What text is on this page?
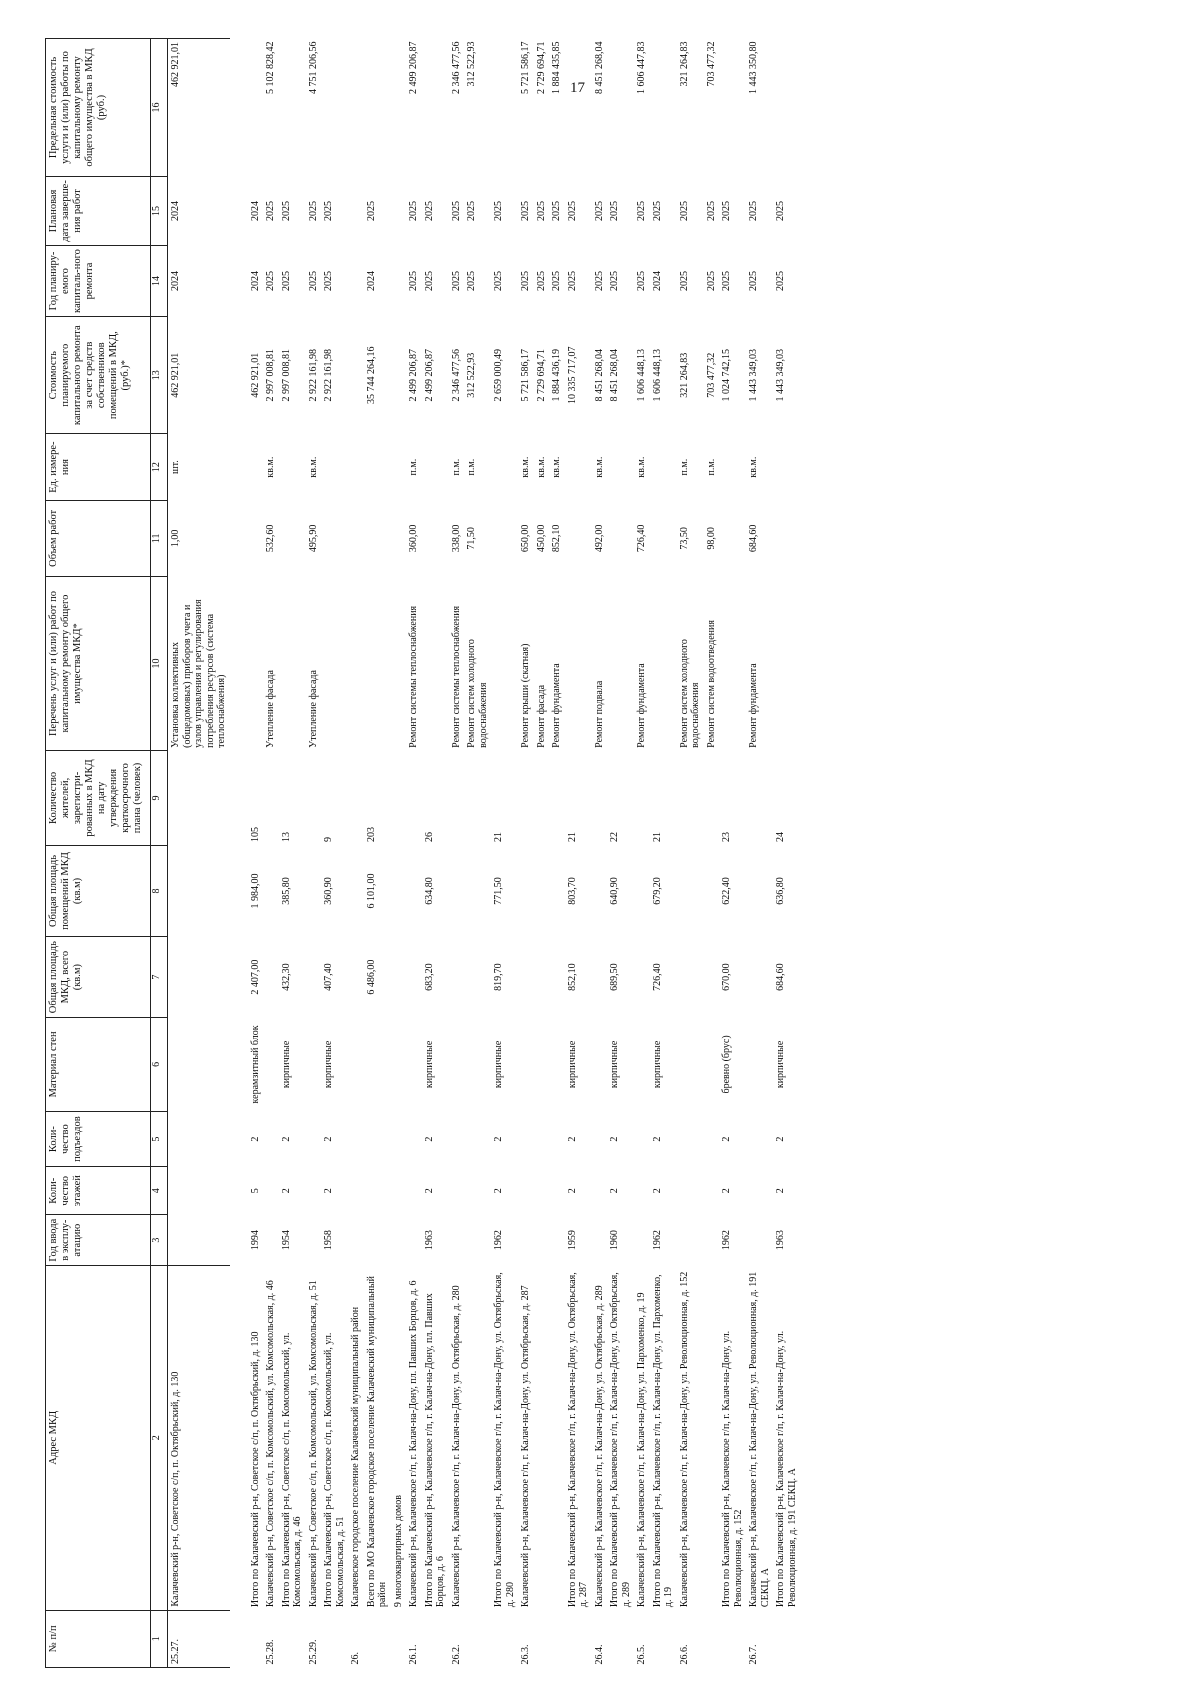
17
№ п/п	Адрес МКД	Год ввода в эксплу-атацию	Коли-чество этажей	Коли-чество подъездов	Материал стен	Общая площадь МКД, всего (кв.м)	Общая площадь помещений МКД (кв.м)	Количество жителей, зарегистри-рованных в МКД на дату утверждения краткосрочного плана (человек)	Перечень услуг и (или) работ по капитальному ремонту общего имущества МКД*	Объем работ	Ед. измере-ния	Стоимость планируемого капитального ремонта за счет средств собственников помещений в МКД, (руб.)*	Год планиру-емого капиталь-ного ремонта	Плановая дата заверше-ния работ	Предельная стоимость услуги и (или) работы по капитальному ремонту общего имущества в МКД (руб.)
1	2	3	4	5	6	7	8	9	10	11	12	13	14	15	16
25.27.	Калачевский р-н, Советское с/п, п. Октябрьский, д. 130								Установка коллективных (общедомовых) приборов учета и узлов управления и регулирования потребления ресурсов (система теплоснабжения)	1,00	шт.	462 921,01	2024	2024	462 921,01

	Итого по Калачевский р-н, Советское с/п, п. Октябрьский, д. 130	1994	5	2	керамзитный блок	2 407,00	1 984,00	105				462 921,01	2024	2024	
25.28.	Калачевский р-н, Советское с/п, п. Комсомольский, ул. Комсомольская, д. 46								Утепление фасада	532,60	кв.м.	2 997 008,81	2025	2025	5 102 828,42
	Итого по Калачевский р-н, Советское с/п, п. Комсомольский, ул. Комсомольская, д. 46	1954	2	2	кирпичные	432,30	385,80	13				2 997 008,81	2025	2025	
25.29.	Калачевский р-н, Советское с/п, п. Комсомольский, ул. Комсомольская, д. 51								Утепление фасада	495,90	кв.м.	2 922 161,98	2025	2025	4 751 206,56
	Итого по Калачевский р-н, Советское с/п, п. Комсомольский, ул. Комсомольская, д. 51	1958	2	2	кирпичные	407,40	360,90	9				2 922 161,98	2025	2025	
26.	Калачевское городское поселение Калачевский муниципальный район														
	Всего по МО Калачевское городское поселение Калачевский муниципальный район					6 486,00	6 101,00	203				35 744 264,16	2024	2025	
	9 многоквартирных домов														
26.1.	Калачевский р-н, Калачевское г/п, г. Калач-на-Дону, пл. Павших Борцов, д. 6								Ремонт системы теплоснабжения	360,00	п.м.	2 499 206,87	2025	2025	2 499 206,87
	Итого по Калачевский р-н, Калачевское г/п, г. Калач-на-Дону, пл. Павших Борцов, д. 6	1963	2	2	кирпичные	683,20	634,80	26				2 499 206,87	2025	2025	
26.2.	Калачевский р-н, Калачевское г/п, г. Калач-на-Дону, ул. Октябрьская, д. 280								Ремонт системы теплоснабжения	338,00	п.м.	2 346 477,56	2025	2025	2 346 477,56
									Ремонт систем холодного водоснабжения	71,50	п.м.	312 522,93	2025	2025	312 522,93
	Итого по Калачевский р-н, Калачевское г/п, г. Калач-на-Дону, ул. Октябрьская, д. 280	1962	2	2	кирпичные	819,70	771,50	21				2 659 000,49	2025	2025	
26.3.	Калачевский р-н, Калачевское г/п, г. Калач-на-Дону, ул. Октябрьская, д. 287								Ремонт крыши (скатная)	650,00	кв.м.	5 721 586,17	2025	2025	5 721 586,17
									Ремонт фасада	450,00	кв.м.	2 729 694,71	2025	2025	2 729 694,71
									Ремонт фундамента	852,10	кв.м.	1 884 436,19	2025	2025	1 884 435,85
	Итого по Калачевский р-н, Калачевское г/п, г. Калач-на-Дону, ул. Октябрьская, д. 287	1959	2	2	кирпичные	852,10	803,70	21				10 335 717,07	2025	2025	
26.4.	Калачевский р-н, Калачевское г/п, г. Калач-на-Дону, ул. Октябрьская, д. 289								Ремонт подвала	492,00	кв.м.	8 451 268,04	2025	2025	8 451 268,04
	Итого по Калачевский р-н, Калачевское г/п, г. Калач-на-Дону, ул. Октябрьская, д. 289	1960	2	2	кирпичные	689,50	640,90	22				8 451 268,04	2025	2025	
26.5.	Калачевский р-н, Калачевское г/п, г. Калач-на-Дону, ул. Пархоменко, д. 19								Ремонт фундамента	726,40	кв.м.	1 606 448,13	2025	2025	1 606 447,83
	Итого по Калачевский р-н, Калачевское г/п, г. Калач-на-Дону, ул. Пархоменко, д. 19	1962	2	2	кирпичные	726,40	679,20	21				1 606 448,13	2024	2025	
26.6.	Калачевский р-н, Калачевское г/п, г. Калач-на-Дону, ул. Революционная, д. 152								Ремонт систем холодного водоснабжения	73,50	п.м.	321 264,83	2025	2025	321 264,83
									Ремонт систем водоотведения	98,00	п.м.	703 477,32	2025	2025	703 477,32
	Итого по Калачевский р-н, Калачевское г/п, г. Калач-на-Дону, ул. Революционная, д. 152	1962	2	2	бревно (брус)	670,00	622,40	23				1 024 742,15	2025	2025	
26.7.	Калачевский р-н, Калачевское г/п, г. Калач-на-Дону, ул. Революционная, д. 191 СЕКЦ. А								Ремонт фундамента	684,60	кв.м.	1 443 349,03	2025	2025	1 443 350,80
	Итого по Калачевский р-н, Калачевское г/п, г. Калач-на-Дону, ул. Революционная, д. 191 СЕКЦ. А	1963	2	2	кирпичные	684,60	636,80	24				1 443 349,03	2025	2025	
